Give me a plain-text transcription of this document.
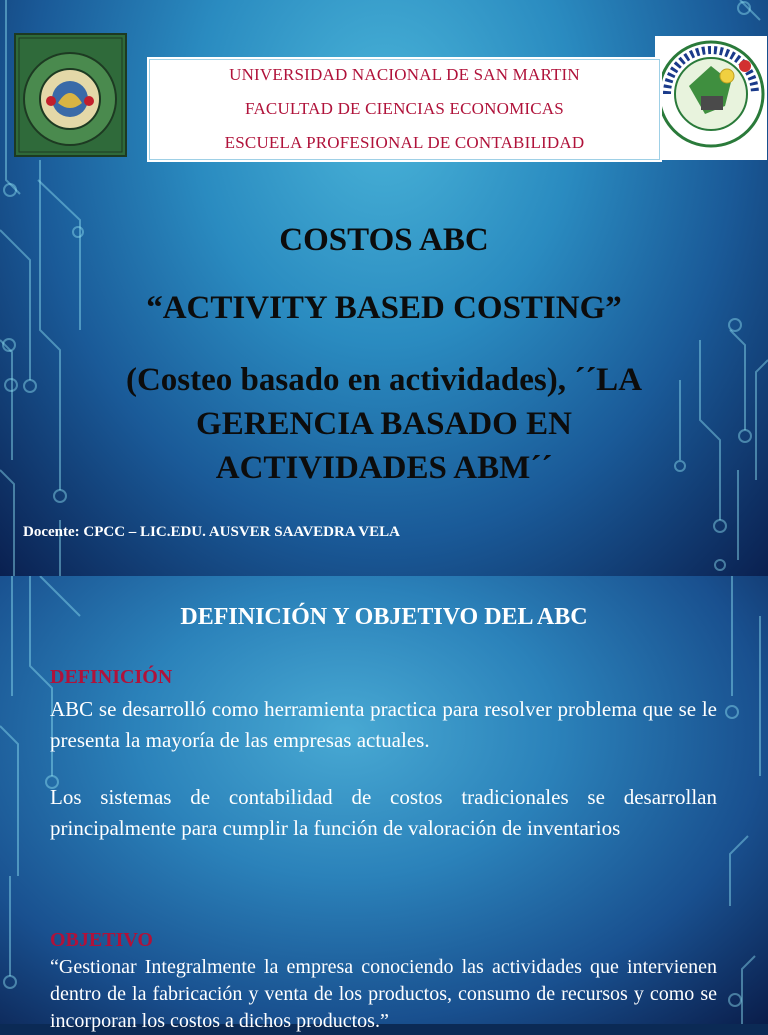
UNIVERSIDAD NACIONAL DE SAN MARTIN
FACULTAD DE CIENCIAS ECONOMICAS
ESCUELA PROFESIONAL DE CONTABILIDAD
COSTOS ABC
“ACTIVITY BASED COSTING”
(Costeo basado en actividades), ´´LA
GERENCIA BASADO EN
ACTIVIDADES ABM´´
Docente: CPCC – LIC.EDU. AUSVER SAAVEDRA VELA
DEFINICIÓN Y OBJETIVO DEL ABC
DEFINICIÓN
ABC se desarrolló como herramienta practica para resolver problema que se le presenta la mayoría de las empresas actuales.
Los sistemas de contabilidad de costos tradicionales se desarrollan principalmente para cumplir la función de valoración de inventarios
OBJETIVO
“Gestionar Integralmente la empresa conociendo las actividades que intervienen dentro de la fabricación y venta de los productos, consumo de recursos y como se incorporan los costos a dichos productos.”
